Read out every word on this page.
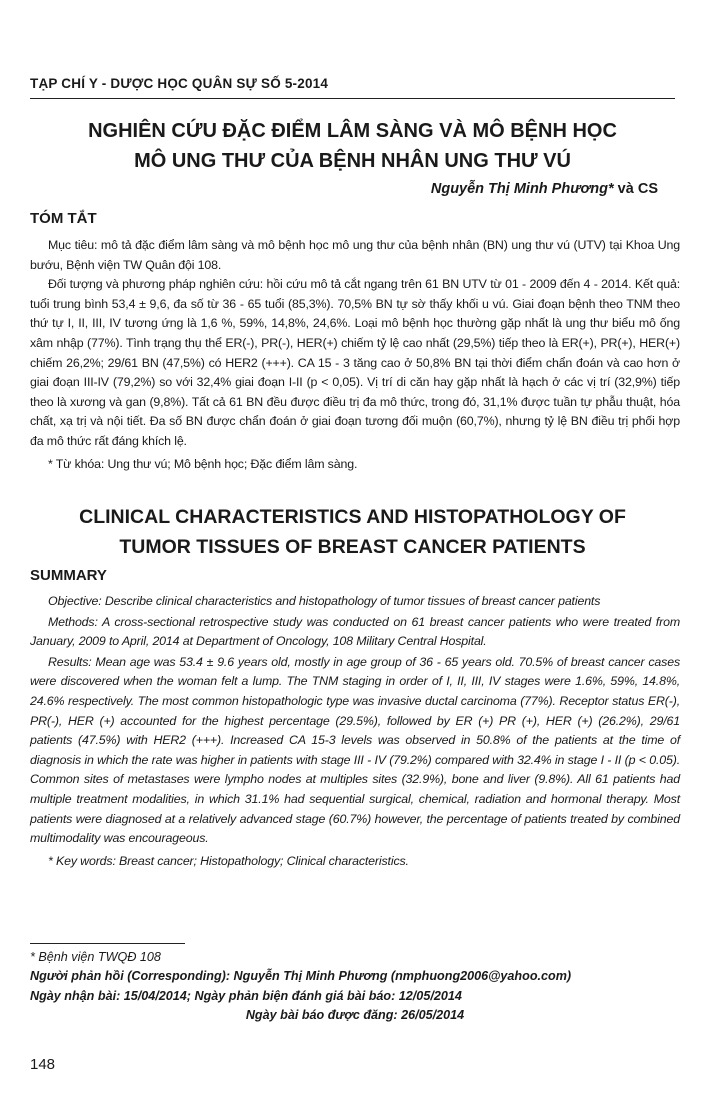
TẠP CHÍ Y - DƯỢC HỌC QUÂN SỰ SỐ 5-2014
NGHIÊN CỨU ĐẶC ĐIỂM LÂM SÀNG VÀ MÔ BỆNH HỌC
MÔ UNG THƯ CỦA BỆNH NHÂN UNG THƯ VÚ
Nguyễn Thị Minh Phương* và CS
TÓM TẮT

Mục tiêu: mô tả đặc điểm lâm sàng và mô bệnh học mô ung thư của bệnh nhân (BN) ung thư vú (UTV) tại Khoa Ung bướu, Bệnh viện TW Quân đội 108.

Đối tượng và phương pháp nghiên cứu: hồi cứu mô tả cắt ngang trên 61 BN UTV từ 01 - 2009 đến 4 - 2014. Kết quả: tuổi trung bình 53,4 ± 9,6, đa số từ 36 - 65 tuổi (85,3%). 70,5% BN tự sờ thấy khối u vú. Giai đoạn bệnh theo TNM theo thứ tự I, II, III, IV tương ứng là 1,6 %, 59%, 14,8%, 24,6%. Loại mô bệnh học thường gặp nhất là ung thư biểu mô ống xâm nhập (77%). Tình trạng thụ thể ER(-), PR(-), HER(+) chiếm tỷ lệ cao nhất (29,5%) tiếp theo là ER(+), PR(+), HER(+) chiếm 26,2%; 29/61 BN (47,5%) có HER2 (+++). CA 15 - 3 tăng cao ở 50,8% BN tại thời điểm chẩn đoán và cao hơn ở giai đoạn III-IV (79,2%) so với 32,4% giai đoạn I-II (p < 0,05). Vị trí di căn hay gặp nhất là hạch ở các vị trí (32,9%) tiếp theo là xương và gan (9,8%). Tất cả 61 BN đều được điều trị đa mô thức, trong đó, 31,1% được tuần tự phẫu thuật, hóa chất, xạ trị và nội tiết. Đa số BN được chẩn đoán ở giai đoạn tương đối muộn (60,7%), nhưng tỷ lệ BN điều trị phối hợp đa mô thức rất đáng khích lệ.

* Từ khóa: Ung thư vú; Mô bệnh học; Đặc điểm lâm sàng.

CLINICAL CHARACTERISTICS AND HISTOPATHOLOGY OF
TUMOR TISSUES OF BREAST CANCER PATIENTS
SUMMARY

Objective: Describe clinical characteristics and histopathology of tumor tissues of breast cancer patients

Methods: A cross-sectional retrospective study was conducted on 61 breast cancer patients who were treated from January, 2009 to April, 2014 at Department of Oncology, 108 Military Central Hospital.

Results: Mean age was 53.4 ± 9.6 years old, mostly in age group of 36 - 65 years old. 70.5% of breast cancer cases were discovered when the woman felt a lump. The TNM staging in order of I, II, III, IV stages were 1.6%, 59%, 14.8%, 24.6% respectively. The most common histopathologic type was invasive ductal carcinoma (77%). Receptor status ER(-), PR(-), HER (+) accounted for the highest percentage (29.5%), followed by ER (+) PR (+), HER (+) (26.2%), 29/61 patients (47.5%) with HER2 (+++). Increased CA 15-3 levels was observed in 50.8% of the patients at the time of diagnosis in which the rate was higher in patients with stage III - IV (79.2%) compared with 32.4% in stage I - II (p < 0.05). Common sites of metastases were lympho nodes at multiples sites (32.9%), bone and liver (9.8%). All 61 patients had multiple treatment modalities, in which 31.1% had sequential surgical, chemical, radiation and hormonal therapy. Most patients were diagnosed at a relatively advanced stage (60.7%) however, the percentage of patients treated by combined multimodality was encourageous.

* Key words: Breast cancer; Histopathology; Clinical characteristics.

* Bệnh viện TWQĐ 108
Người phản hồi (Corresponding): Nguyễn Thị Minh Phương (nmphuong2006@yahoo.com)
Ngày nhận bài: 15/04/2014; Ngày phản biện đánh giá bài báo: 12/05/2014
Ngày bài báo được đăng: 26/05/2014
148
